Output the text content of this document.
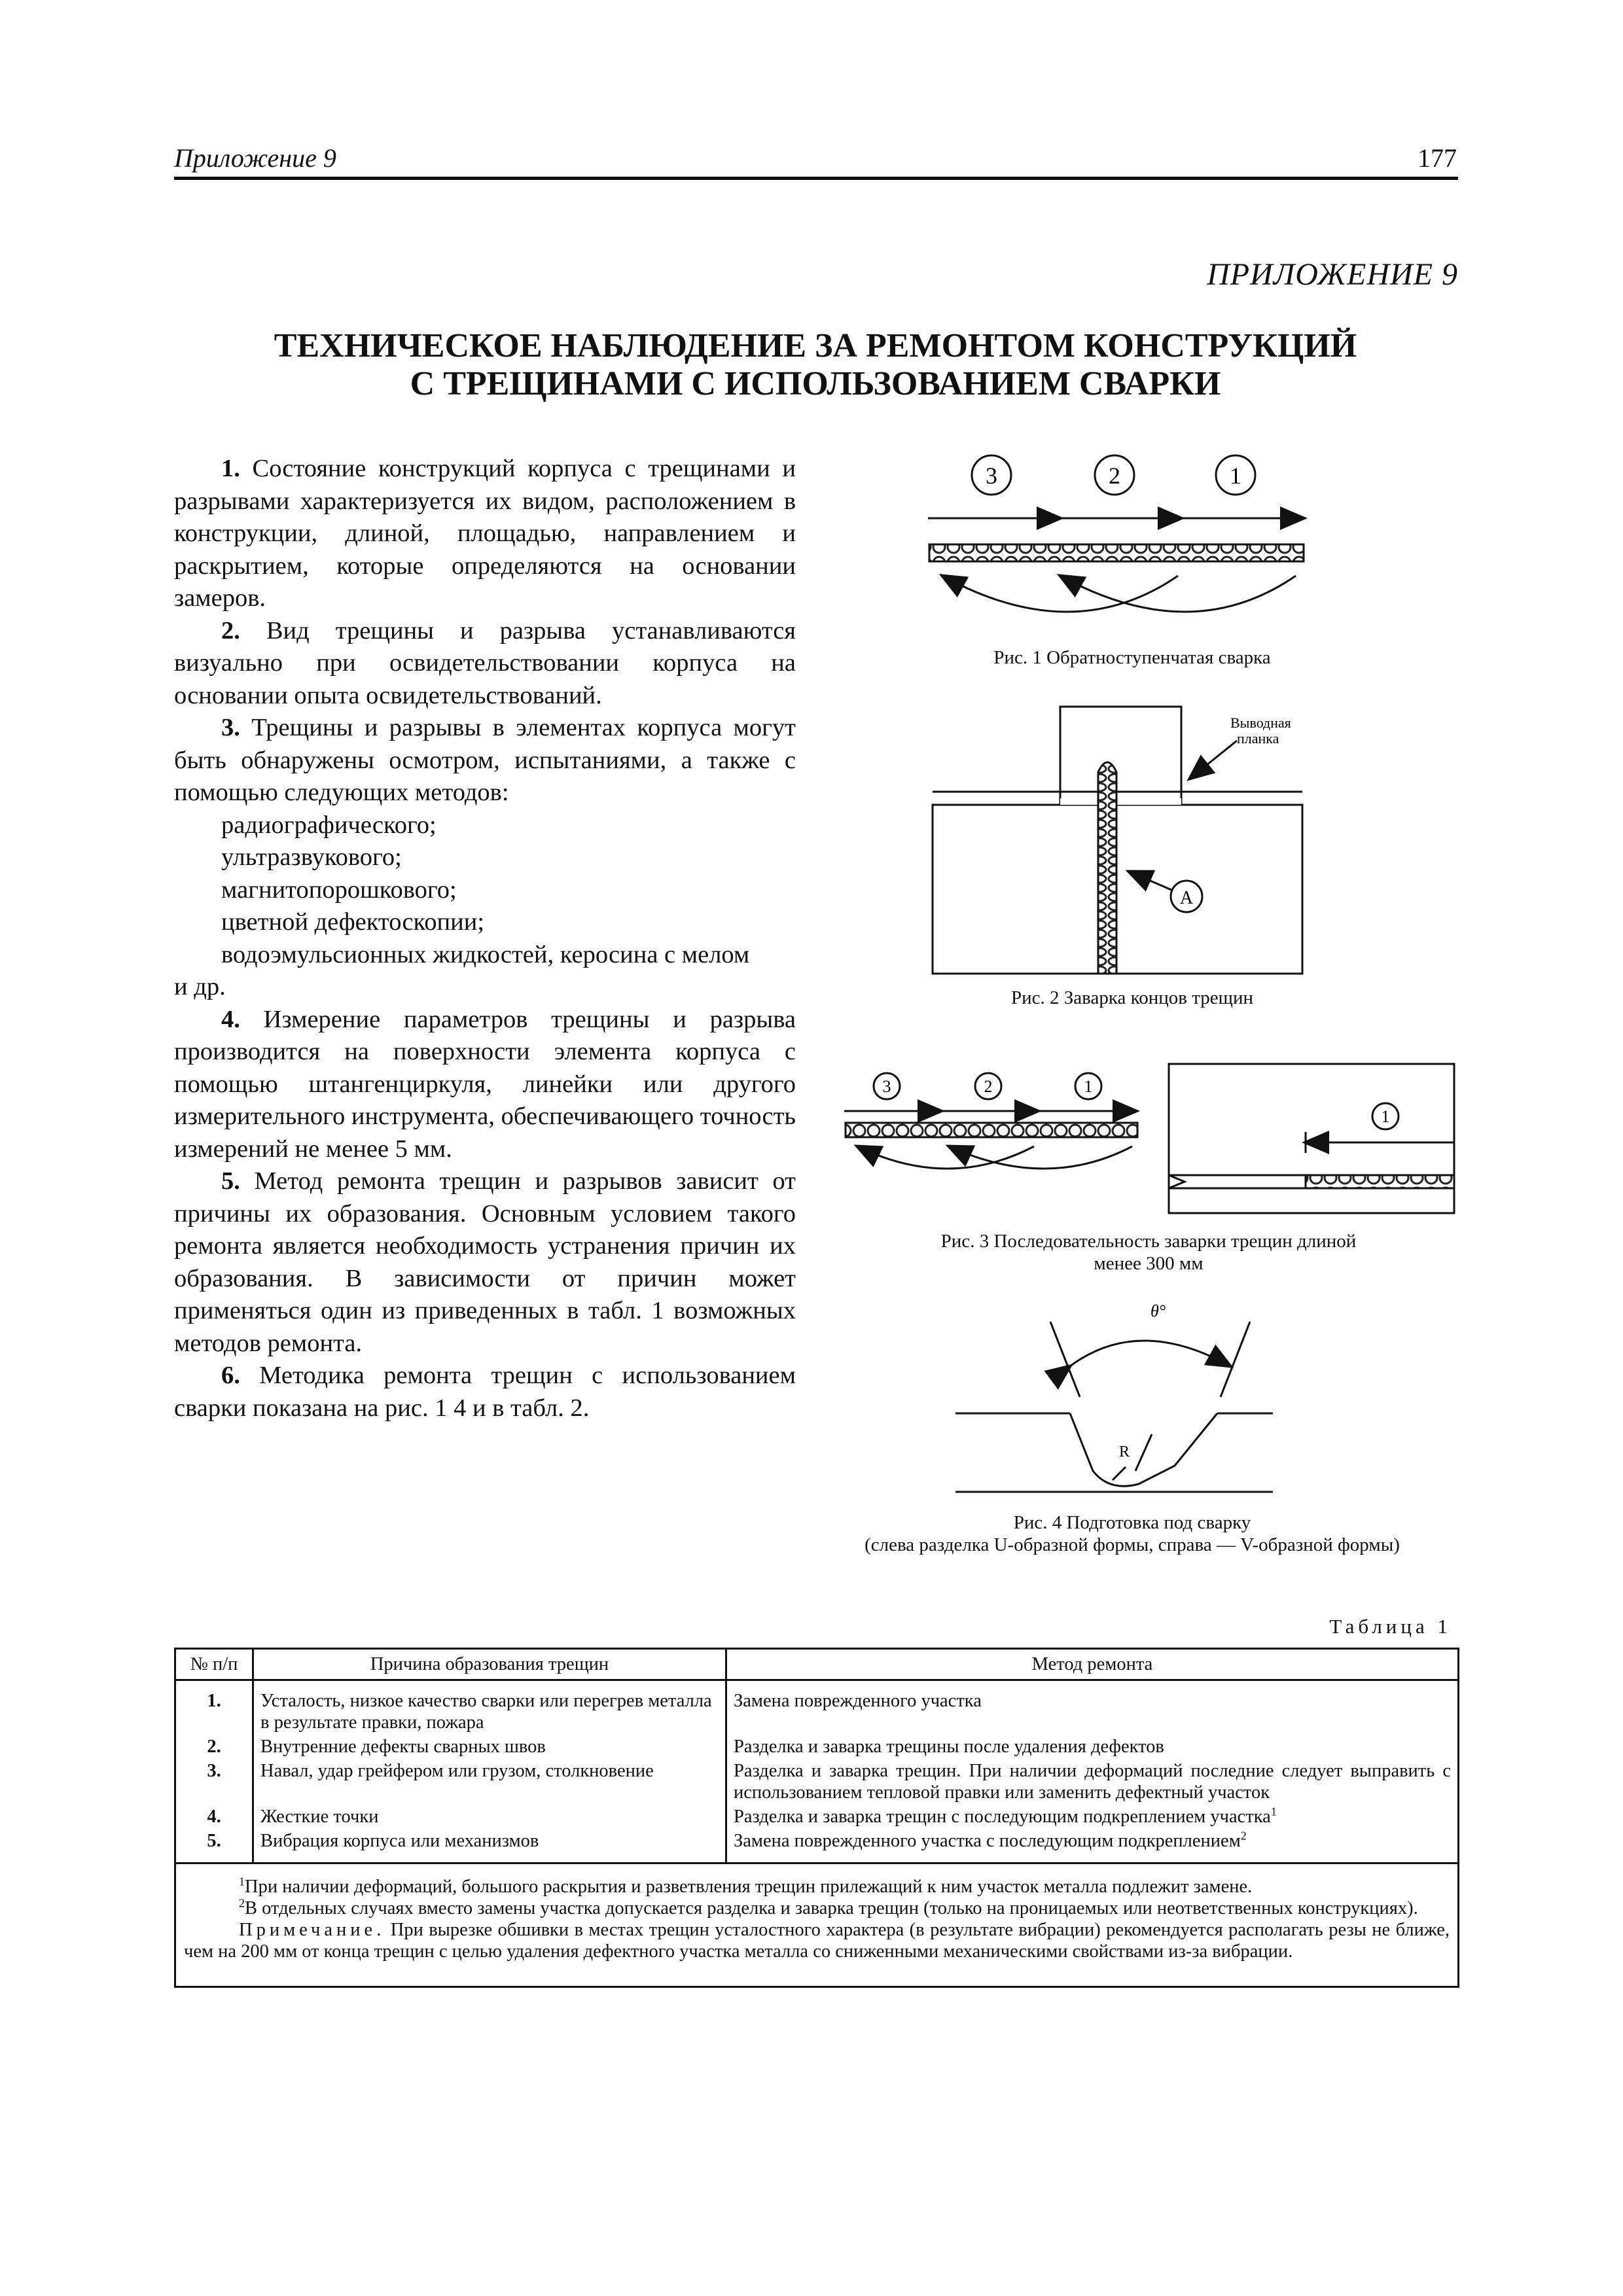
Приложение 9	177
ПРИЛОЖЕНИЕ 9
ТЕХНИЧЕСКОЕ НАБЛЮДЕНИЕ ЗА РЕМОНТОМ КОНСТРУКЦИЙ
С ТРЕЩИНАМИ С ИСПОЛЬЗОВАНИЕМ СВАРКИ

1. Состояние конструкций корпуса с трещинами и разрывами характеризуется их видом, расположением в конструкции, длиной, площадью, направлением и раскрытием, которые определяются на основании замеров.

2. Вид трещины и разрыва устанавливаются визуально при освидетельствовании корпуса на основании опыта освидетельствований.

3. Трещины и разрывы в элементах корпуса могут быть обнаружены осмотром, испытаниями, а также с помощью следующих методов:

радиографического;
ультразвукового;
магнитопорошкового;
цветной дефектоскопии;
водоэмульсионных жидкостей, керосина с мелом
и др.

4. Измерение параметров трещины и разрыва производится на поверхности элемента корпуса с помощью штангенциркуля, линейки или другого измерительного инструмента, обеспечивающего точность измерений не менее 5 мм.

5. Метод ремонта трещин и разрывов зависит от причины их образования. Основным условием такого ремонта является необходимость устранения причин их образования. В зависимости от причин может применяться один из приведенных в табл. 1 возможных методов ремонта.

6. Методика ремонта трещин с использованием сварки показана на рис. 1 4 и в табл. 2.

3	2	1
Рис. 1 Обратноступенчатая сварка
Выводная
планка
A
Рис. 2 Заварка концов трещин
3	2	1
1
Рис. 3 Последовательность заварки трещин длиной
менее 300 мм
θ°
R
Рис. 4 Подготовка под сварку
(слева разделка U-образной формы, справа — V-образной формы)
Таблица 1
№ п/п	Причина образования трещин	Метод ремонта
1.	Усталость, низкое качество сварки или перегрев металла в результате правки, пожара	Замена поврежденного участка
2.	Внутренние дефекты сварных швов	Разделка и заварка трещины после удаления дефектов
3.	Навал, удар грейфером или грузом, столкновение	Разделка и заварка трещин. При наличии деформаций последние следует выправить с использованием тепловой правки или заменить дефектный участок
4.	Жесткие точки	Разделка и заварка трещин с последующим подкреплением участка$^1$
5.	Вибрация корпуса или механизмов	Замена поврежденного участка с последующим подкреплением$^2$

$^1$При наличии деформаций, большого раскрытия и разветвления трещин прилежащий к ним участок металла подлежит замене.

$^2$В отдельных случаях вместо замены участка допускается разделка и заварка трещин (только на проницаемых или неответственных конструкциях).

Примечание. При вырезке обшивки в местах трещин усталостного характера (в результате вибрации) рекомендуется располагать резы не ближе, чем на 200 мм от конца трещин с целью удаления дефектного участка металла со сниженными механическими свойствами из-за вибрации.		
